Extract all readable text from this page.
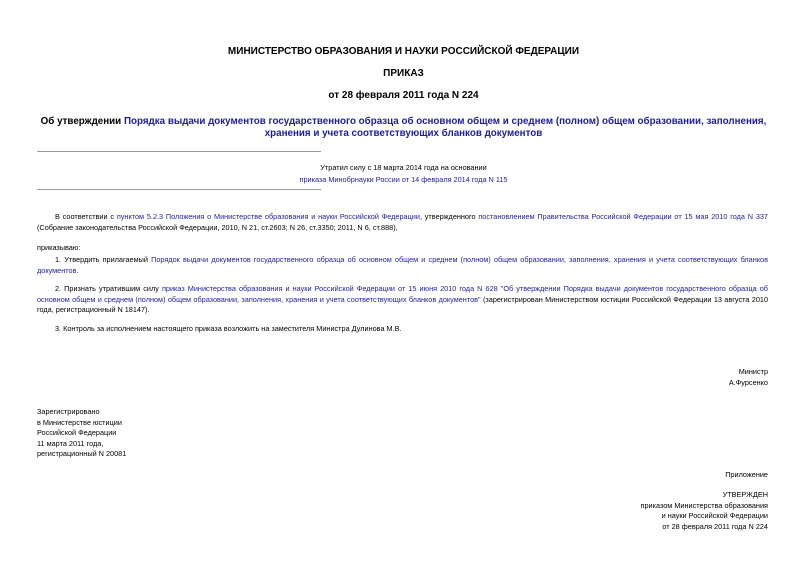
МИНИСТЕРСТВО ОБРАЗОВАНИЯ И НАУКИ РОССИЙСКОЙ ФЕДЕРАЦИИ
ПРИКАЗ
от 28 февраля 2011 года N 224
Об утверждении Порядка выдачи документов государственного образца об основном общем и среднем (полном) общем образовании, заполнения, хранения и учета соответствующих бланков документов
Утратил силу с 18 марта 2014 года на основании
приказа Минобрнауки России от 14 февраля 2014 года N 115
В соответствии с пунктом 5.2.3 Положения о Министерстве образования и науки Российской Федерации, утвержденного постановлением Правительства Российской Федерации от 15 мая 2010 года N 337 (Собрание законодательства Российской Федерации, 2010, N 21, ст.2603; N 26, ст.3350; 2011, N 6, ст.888),
приказываю:
1. Утвердить прилагаемый Порядок выдачи документов государственного образца об основном общем и среднем (полном) общем образовании, заполнения, хранения и учета соответствующих бланков документов.
2. Признать утратившим силу приказ Министерства образования и науки Российской Федерации от 15 июня 2010 года N 628 "Об утверждении Порядка выдачи документов государственного образца об основном общем и среднем (полном) общем образовании, заполнения, хранения и учета соответствующих бланков документов" (зарегистрирован Министерством юстиции Российской Федерации 13 августа 2010 года, регистрационный N 18147).
3. Контроль за исполнением настоящего приказа возложить на заместителя Министра Дулинова М.В.
Министр
А.Фурсенко
Зарегистрировано
в Министерстве юстиции
Российской Федерации
11 марта 2011 года,
регистрационный N 20081
Приложение
УТВЕРЖДЕН
приказом Министерства образования
и науки Российской Федерации
от 28 февраля 2011 года N 224
